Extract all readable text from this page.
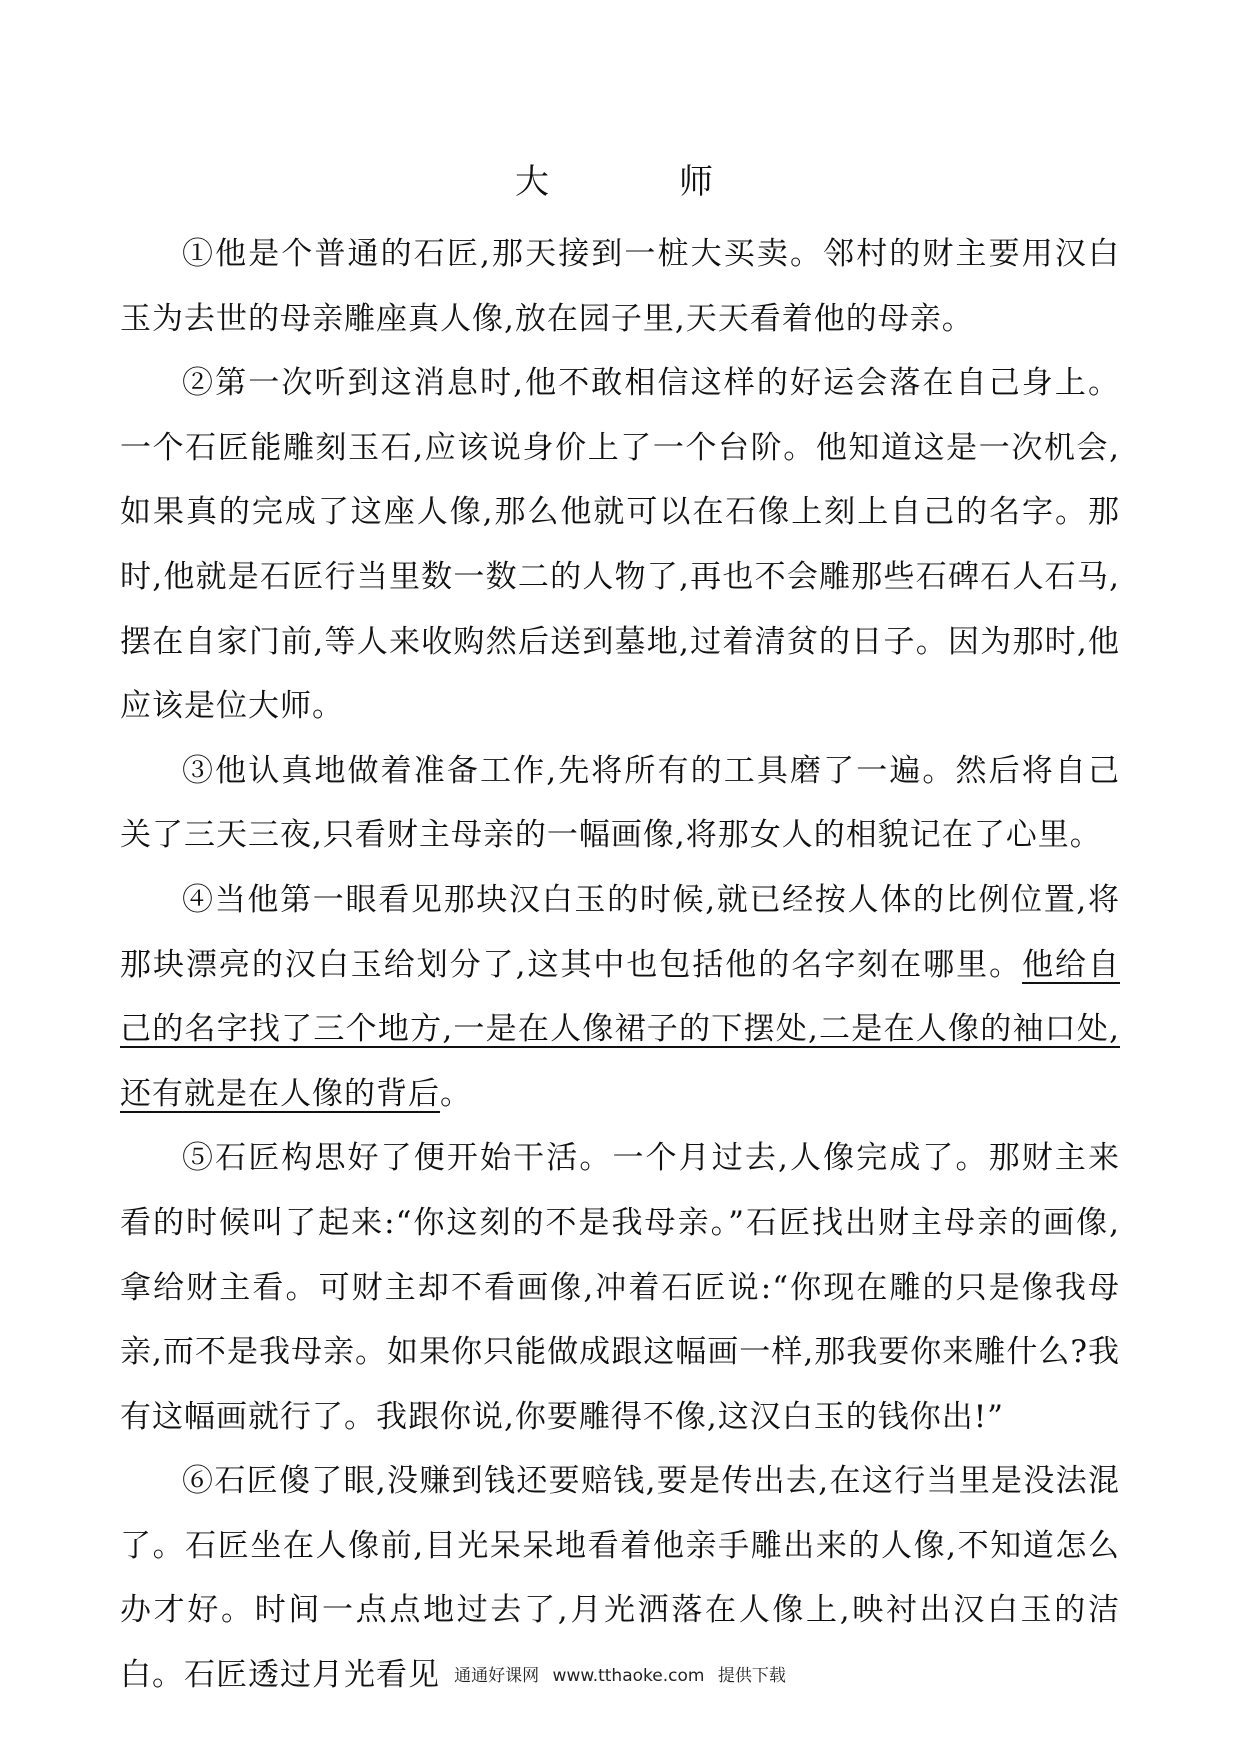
大　师

①他是个普通的石匠,那天接到一桩大买卖。邻村的财主要用汉白玉为去世的母亲雕座真人像,放在园子里,天天看着他的母亲。

②第一次听到这消息时,他不敢相信这样的好运会落在自己身上。一个石匠能雕刻玉石,应该说身价上了一个台阶。他知道这是一次机会,如果真的完成了这座人像,那么他就可以在石像上刻上自己的名字。那时,他就是石匠行当里数一数二的人物了,再也不会雕那些石碑石人石马,摆在自家门前,等人来收购然后送到墓地,过着清贫的日子。因为那时,他应该是位大师。

③他认真地做着准备工作,先将所有的工具磨了一遍。然后将自己关了三天三夜,只看财主母亲的一幅画像,将那女人的相貌记在了心里。

④当他第一眼看见那块汉白玉的时候,就已经按人体的比例位置,将那块漂亮的汉白玉给划分了,这其中也包括他的名字刻在哪里。他给自己的名字找了三个地方,一是在人像裙子的下摆处,二是在人像的袖口处,还有就是在人像的背后。

⑤石匠构思好了便开始干活。一个月过去,人像完成了。那财主来看的时候叫了起来:“你这刻的不是我母亲。”石匠找出财主母亲的画像,拿给财主看。可财主却不看画像,冲着石匠说:“你现在雕的只是像我母亲,而不是我母亲。如果你只能做成跟这幅画一样,那我要你来雕什么?我有这幅画就行了。我跟你说,你要雕得不像,这汉白玉的钱你出!”

⑥石匠傻了眼,没赚到钱还要赔钱,要是传出去,在这行当里是没法混了。石匠坐在人像前,目光呆呆地看着他亲手雕出来的人像,不知道怎么办才好。时间一点点地过去了,月光洒落在人像上,映衬出汉白玉的洁白。石匠透过月光看见 通通好课网 www.tthaoke.com 提供下载
